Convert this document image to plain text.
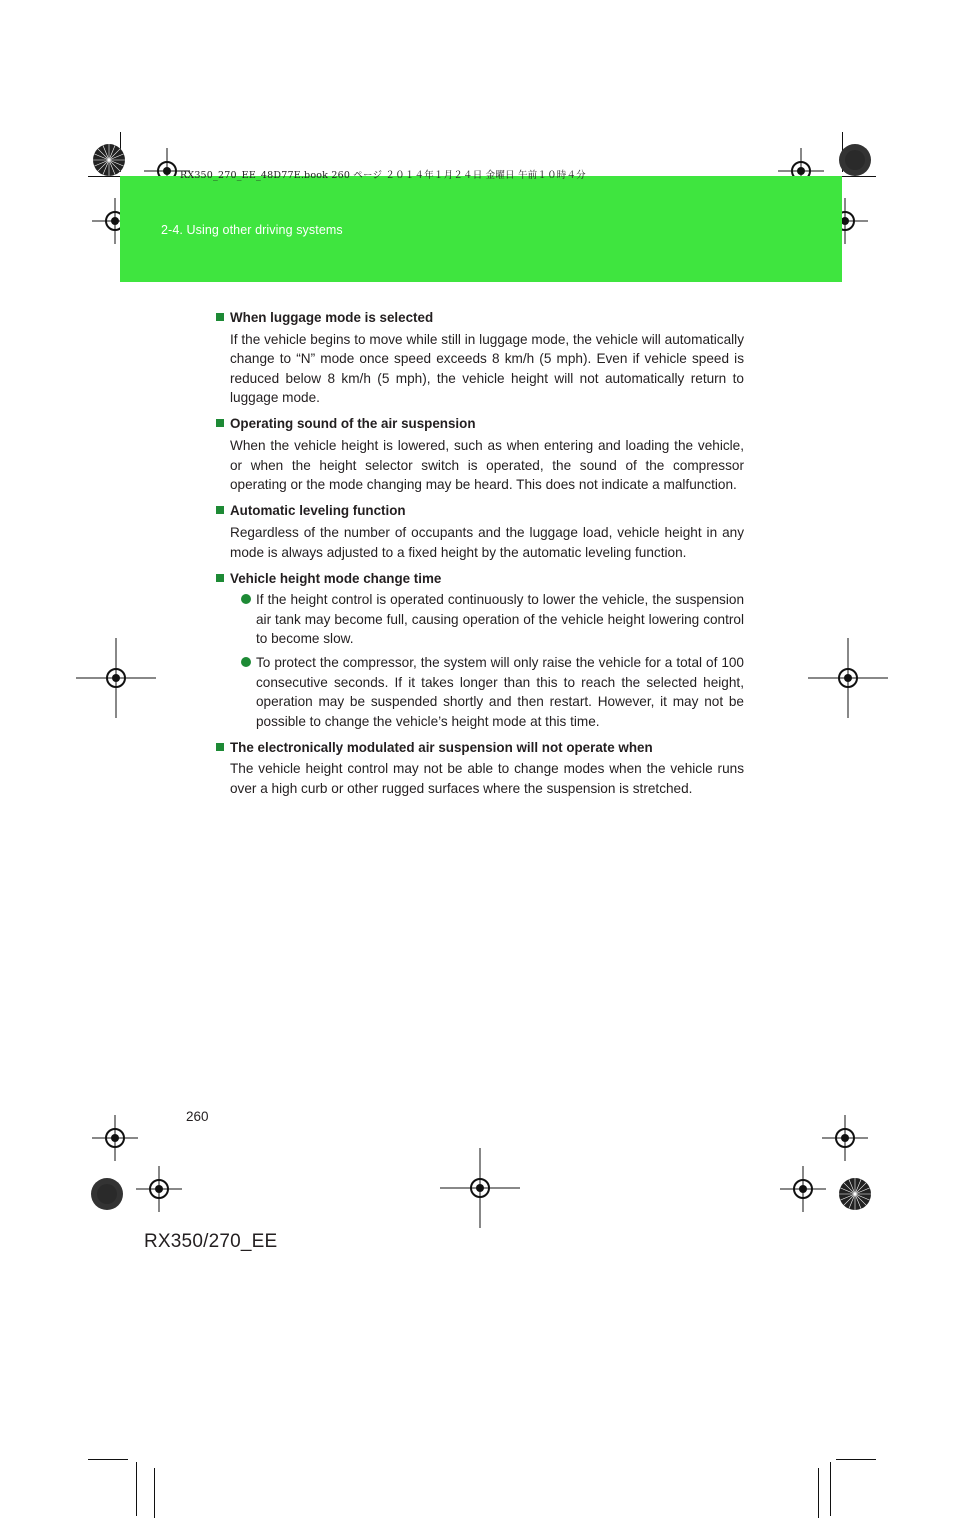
RX350_270_EE_48D77E.book 260 ページ ２０１４年１月２４日 金曜日 午前１０時４分
2-4. Using other driving systems
When luggage mode is selected
If the vehicle begins to move while still in luggage mode, the vehicle will automatically change to “N” mode once speed exceeds 8 km/h (5 mph). Even if vehicle speed is reduced below 8 km/h (5 mph), the vehicle height will not automatically return to luggage mode.
Operating sound of the air suspension
When the vehicle height is lowered, such as when entering and loading the vehicle, or when the height selector switch is operated, the sound of the compressor operating or the mode changing may be heard. This does not indicate a malfunction.
Automatic leveling function
Regardless of the number of occupants and the luggage load, vehicle height in any mode is always adjusted to a fixed height by the automatic leveling function.
Vehicle height mode change time
If the height control is operated continuously to lower the vehicle, the suspension air tank may become full, causing operation of the vehicle height lowering control to become slow.
To protect the compressor, the system will only raise the vehicle for a total of 100 consecutive seconds. If it takes longer than this to reach the selected height, operation may be suspended shortly and then restart. However, it may not be possible to change the vehicle’s height mode at this time.
The electronically modulated air suspension will not operate when
The vehicle height control may not be able to change modes when the vehicle runs over a high curb or other rugged surfaces where the suspension is stretched.
260
RX350/270_EE
